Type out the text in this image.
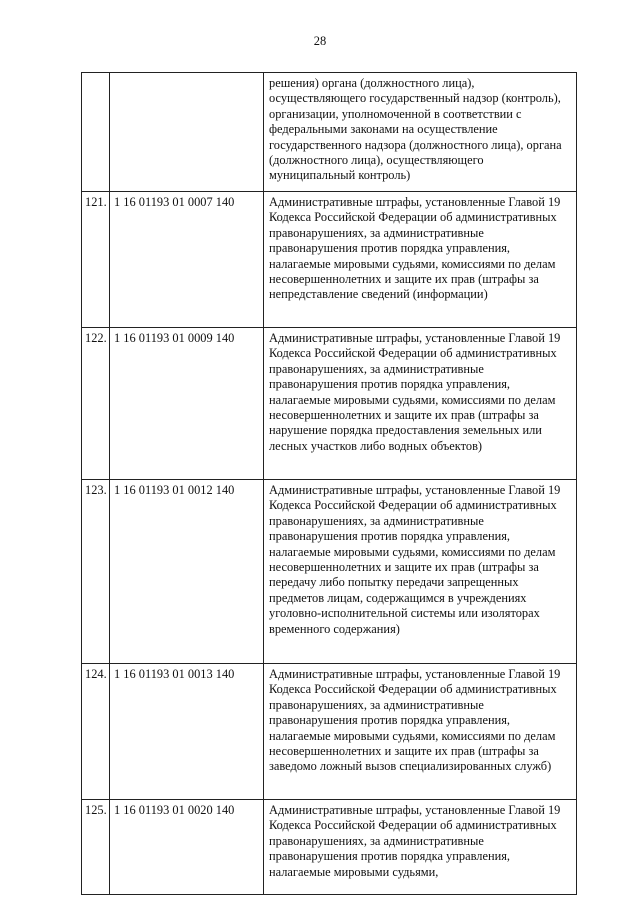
28
		решения) органа (должностного лица), осуществляющего государственный надзор (контроль), организации, уполномоченной в соответствии с федеральными законами на осуществление государственного надзора (должностного лица), органа (должностного лица), осуществляющего муниципальный контроль)
121.	1 16 01193 01 0007 140	Административные штрафы, установленные Главой 19 Кодекса Российской Федерации об административных правонарушениях, за административные правонарушения против порядка управления, налагаемые мировыми судьями, комиссиями по делам несовершеннолетних и защите их прав (штрафы за непредставление сведений (информации)
122.	1 16 01193 01 0009 140	Административные штрафы, установленные Главой 19 Кодекса Российской Федерации об административных правонарушениях, за административные правонарушения против порядка управления, налагаемые мировыми судьями, комиссиями по делам несовершеннолетних и защите их прав (штрафы за нарушение порядка предоставления земельных или лесных участков либо водных объектов)
123.	1 16 01193 01 0012 140	Административные штрафы, установленные Главой 19 Кодекса Российской Федерации об административных правонарушениях, за административные правонарушения против порядка управления, налагаемые мировыми судьями, комиссиями по делам несовершеннолетних и защите их прав (штрафы за передачу либо попытку передачи запрещенных предметов лицам, содержащимся в учреждениях уголовно-исполнительной системы или изоляторах временного содержания)
124.	1 16 01193 01 0013 140	Административные штрафы, установленные Главой 19 Кодекса Российской Федерации об административных правонарушениях, за административные правонарушения против порядка управления, налагаемые мировыми судьями, комиссиями по делам несовершеннолетних и защите их прав (штрафы за заведомо ложный вызов специализированных служб)
125.	1 16 01193 01 0020 140	Административные штрафы, установленные Главой 19 Кодекса Российской Федерации об административных правонарушениях, за административные правонарушения против порядка управления, налагаемые мировыми судьями,
